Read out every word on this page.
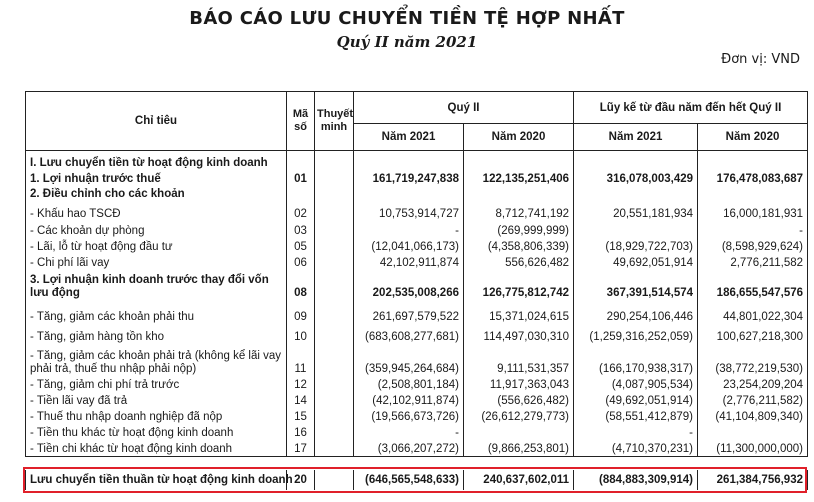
BÁO CÁO LƯU CHUYỂN TIỀN TỆ HỢP NHẤT
Quý II năm 2021
Đơn vị: VND
Chỉ tiêu	Mã số	Thuyết minh	Quý II		Lũy kế từ đầu năm đến hết Quý II	
			Năm 2021	Năm 2020	Năm 2021	Năm 2020
I. Lưu chuyển tiền từ hoạt động kinh doanh						
1. Lợi nhuận trước thuế	01		161,719,247,838	122,135,251,406	316,078,003,429	176,478,083,687
2. Điều chỉnh cho các khoản						
- Khấu hao TSCĐ	02		10,753,914,727	8,712,741,192	20,551,181,934	16,000,181,931
- Các khoản dự phòng	03		-	(269,999,999)		-
- Lãi, lỗ từ hoạt động đầu tư	05		(12,041,066,173)	(4,358,806,339)	(18,929,722,703)	(8,598,929,624)
- Chi phí lãi vay	06		42,102,911,874	556,626,482	49,692,051,914	2,776,211,582
3. Lợi nhuận kinh doanh trước thay đổi vốn lưu động	08		202,535,008,266	126,775,812,742	367,391,514,574	186,655,547,576
- Tăng, giảm các khoản phải thu	09		261,697,579,522	15,371,024,615	290,254,106,446	44,801,022,304
- Tăng, giảm hàng tồn kho	10		(683,608,277,681)	114,497,030,310	(1,259,316,252,059)	100,627,218,300
- Tăng, giảm các khoản phải trả (không kể lãi vay phải trả, thuế thu nhập phải nộp)	11		(359,945,264,684)	9,111,531,357	(166,170,938,317)	(38,772,219,530)
- Tăng, giảm chi phí trả trước	12		(2,508,801,184)	11,917,363,043	(4,087,905,534)	23,254,209,204
- Tiền lãi vay đã trả	14		(42,102,911,874)	(556,626,482)	(49,692,051,914)	(2,776,211,582)
- Thuế thu nhập doanh nghiệp đã nộp	15		(19,566,673,726)	(26,612,279,773)	(58,551,412,879)	(41,104,809,340)
- Tiền thu khác từ hoạt động kinh doanh	16		-		-	
- Tiền chi khác từ hoạt động kinh doanh	17		(3,066,207,272)	(9,866,253,801)	(4,710,370,231)	(11,300,000,000)
Lưu chuyển tiền thuần từ hoạt động kinh doanh	20		(646,565,548,633)	240,637,602,011	(884,883,309,914)	261,384,756,932
